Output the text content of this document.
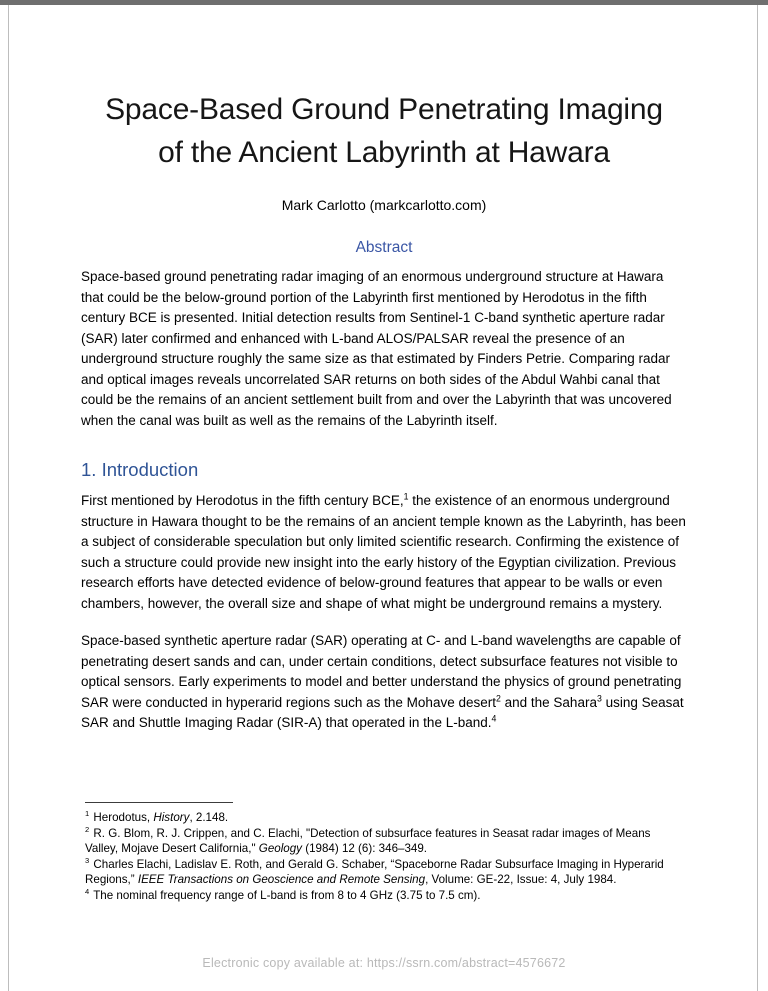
Space-Based Ground Penetrating Imaging
of the Ancient Labyrinth at Hawara

Mark Carlotto (markcarlotto.com)

Abstract

Space-based ground penetrating radar imaging of an enormous underground structure at Hawara that could be the below-ground portion of the Labyrinth first mentioned by Herodotus in the fifth century BCE is presented. Initial detection results from Sentinel-1 C-band synthetic aperture radar (SAR) later confirmed and enhanced with L-band ALOS/PALSAR reveal the presence of an underground structure roughly the same size as that estimated by Finders Petrie. Comparing radar and optical images reveals uncorrelated SAR returns on both sides of the Abdul Wahbi canal that could be the remains of an ancient settlement built from and over the Labyrinth that was uncovered when the canal was built as well as the remains of the Labyrinth itself.

1. Introduction

First mentioned by Herodotus in the fifth century BCE,$^1$ the existence of an enormous underground structure in Hawara thought to be the remains of an ancient temple known as the Labyrinth, has been a subject of considerable speculation but only limited scientific research. Confirming the existence of such a structure could provide new insight into the early history of the Egyptian civilization. Previous research efforts have detected evidence of below-ground features that appear to be walls or even chambers, however, the overall size and shape of what might be underground remains a mystery.

Space-based synthetic aperture radar (SAR) operating at C- and L-band wavelengths are capable of penetrating desert sands and can, under certain conditions, detect subsurface features not visible to optical sensors. Early experiments to model and better understand the physics of ground penetrating SAR were conducted in hyperarid regions such as the Mohave desert$^2$ and the Sahara$^3$ using Seasat SAR and Shuttle Imaging Radar (SIR-A) that operated in the L-band.$^4$

$^1$ Herodotus, History, 2.148.

$^2$ R. G. Blom, R. J. Crippen, and C. Elachi, "Detection of subsurface features in Seasat radar images of Means Valley, Mojave Desert California," Geology (1984) 12 (6): 346–349.

$^3$ Charles Elachi, Ladislav E. Roth, and Gerald G. Schaber, “Spaceborne Radar Subsurface Imaging in Hyperarid Regions,” IEEE Transactions on Geoscience and Remote Sensing, Volume: GE-22, Issue: 4, July 1984.

$^4$ The nominal frequency range of L-band is from 8 to 4 GHz (3.75 to 7.5 cm).

Electronic copy available at: https://ssrn.com/abstract=4576672
